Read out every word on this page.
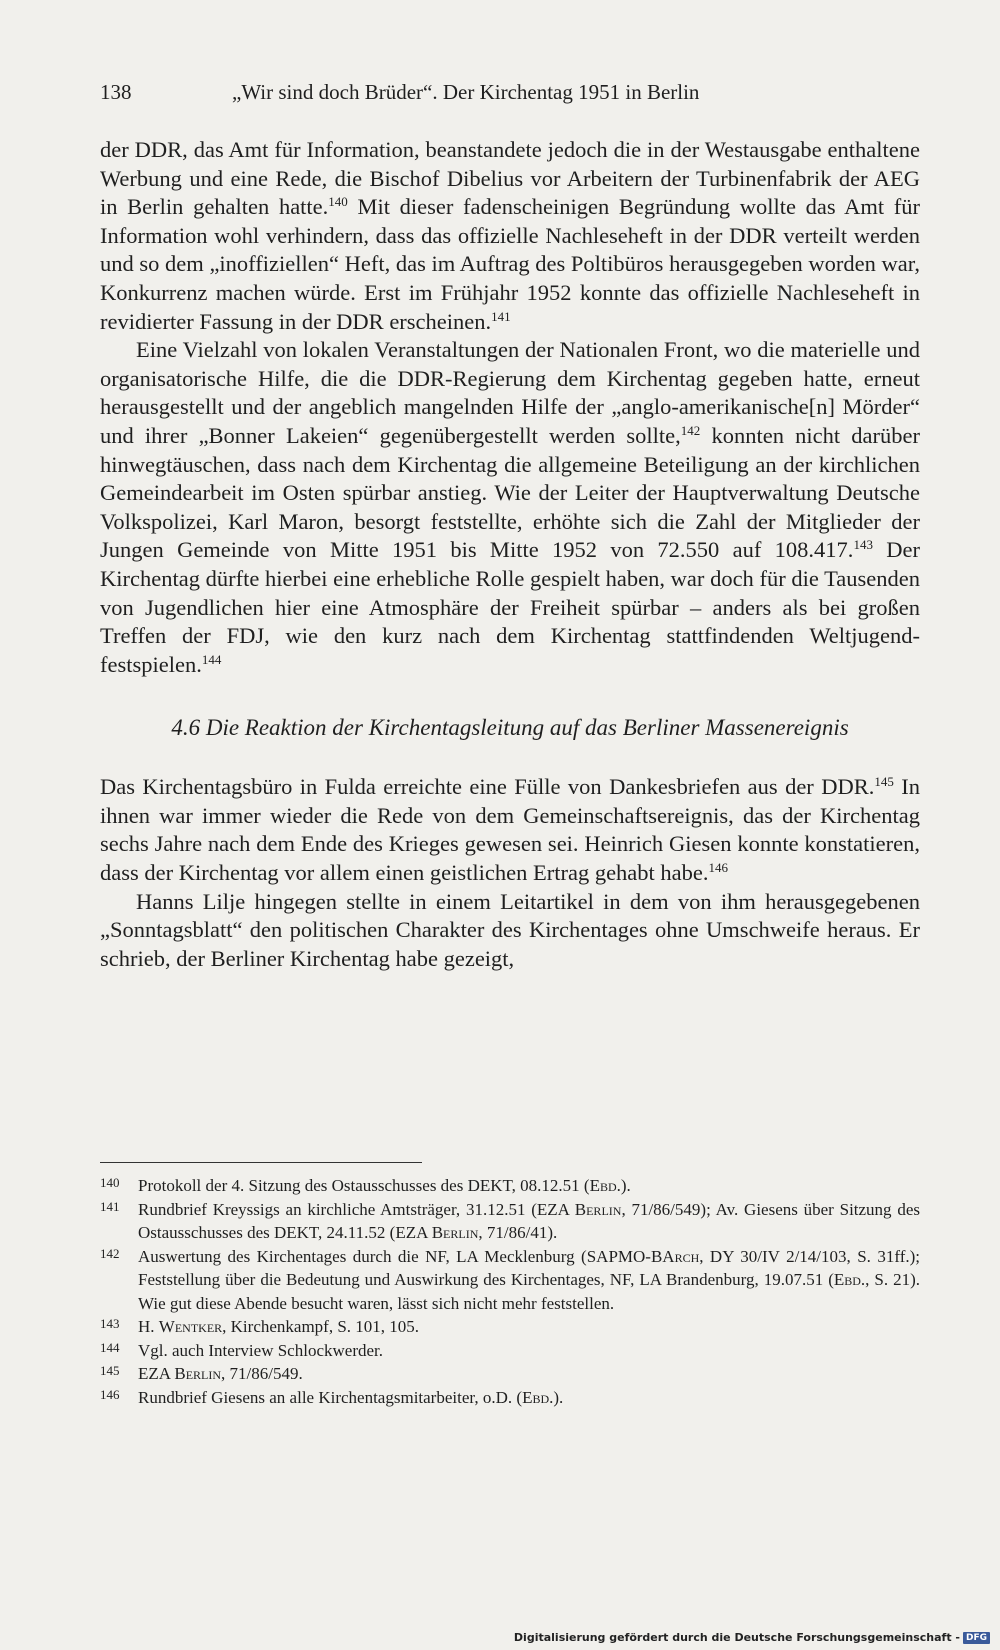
138	„Wir sind doch Brüder“. Der Kirchentag 1951 in Berlin

der DDR, das Amt für Information, beanstandete jedoch die in der Westausgabe enthaltene Werbung und eine Rede, die Bischof Dibelius vor Arbeitern der Turbinenfabrik der AEG in Berlin gehalten hatte.$^{140}$ Mit dieser fadenscheinigen Begründung wollte das Amt für Information wohl verhindern, dass das offizielle Nachleseheft in der DDR verteilt werden und so dem „inoffiziellen“ Heft, das im Auftrag des Poltibüros herausgegeben worden war, Konkurrenz machen würde. Erst im Frühjahr 1952 konnte das offizielle Nachleseheft in revidierter Fassung in der DDR erscheinen.$^{141}$

Eine Vielzahl von lokalen Veranstaltungen der Nationalen Front, wo die materielle und organisatorische Hilfe, die die DDR-Regierung dem Kirchentag gegeben hatte, erneut herausgestellt und der angeblich mangelnden Hilfe der „anglo-amerikanische[n] Mörder“ und ihrer „Bonner Lakeien“ gegenübergestellt werden sollte,$^{142}$ konnten nicht darüber hinwegtäuschen, dass nach dem Kirchentag die allgemeine Beteiligung an der kirchlichen Gemeindearbeit im Osten spürbar anstieg. Wie der Leiter der Hauptverwaltung Deutsche Volkspolizei, Karl Maron, besorgt feststellte, erhöhte sich die Zahl der Mitglieder der Jungen Gemeinde von Mitte 1951 bis Mitte 1952 von 72.550 auf 108.417.$^{143}$ Der Kirchentag dürfte hierbei eine erhebliche Rolle gespielt haben, war doch für die Tausenden von Jugendlichen hier eine Atmosphäre der Freiheit spürbar – anders als bei großen Treffen der FDJ, wie den kurz nach dem Kirchentag stattfindenden Weltjugendfestspielen.$^{144}$

4.6 Die Reaktion der Kirchentagsleitung auf das Berliner Massenereignis

Das Kirchentagsbüro in Fulda erreichte eine Fülle von Dankesbriefen aus der DDR.$^{145}$ In ihnen war immer wieder die Rede von dem Gemeinschaftsereignis, das der Kirchentag sechs Jahre nach dem Ende des Krieges gewesen sei. Heinrich Giesen konnte konstatieren, dass der Kirchentag vor allem einen geistlichen Ertrag gehabt habe.$^{146}$

Hanns Lilje hingegen stellte in einem Leitartikel in dem von ihm herausgegebenen „Sonntagsblatt“ den politischen Charakter des Kirchentages ohne Umschweife heraus. Er schrieb, der Berliner Kirchentag habe gezeigt,

140 Protokoll der 4. Sitzung des Ostausschusses des DEKT, 08.12.51 (Ebd.).
141 Rundbrief Kreyssigs an kirchliche Amtsträger, 31.12.51 (EZA Berlin, 71/86/549); Av. Giesens über Sitzung des Ostausschusses des DEKT, 24.11.52 (EZA Berlin, 71/86/41).
142 Auswertung des Kirchentages durch die NF, LA Mecklenburg (SAPMO-BArch, DY 30/IV 2/14/103, S. 31ff.); Feststellung über die Bedeutung und Auswirkung des Kirchentages, NF, LA Brandenburg, 19.07.51 (Ebd., S. 21). Wie gut diese Abende besucht waren, lässt sich nicht mehr feststellen.
143 H. Wentker, Kirchenkampf, S. 101, 105.
144 Vgl. auch Interview Schlockwerder.
145 EZA Berlin, 71/86/549.
146 Rundbrief Giesens an alle Kirchentagsmitarbeiter, o.D. (Ebd.).
Digitalisierung gefördert durch die Deutsche Forschungsgemeinschaft - DFG
